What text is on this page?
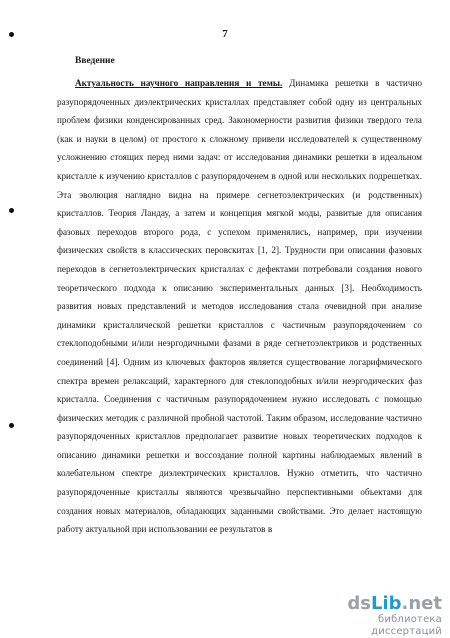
7
Введение
Актуальность научного направления и темы. Динамика решетки в частично
разупорядоченных диэлектрических кристаллах представляет собой одну из центральных
проблем физики конденсированных сред. Закономерности развития физики твердого тела
(как и науки в целом) от простого к сложному привели исследователей к существенному
усложнению стоящих перед ними задач: от исследования динамики решетки в идеальном
кристалле к изучению кристаллов с разупорядоченем в одной или нескольких подрешетках.
Эта эволюция наглядно видна на примере сегнетоэлектрических (и родственных)
кристаллов. Теория Ландау, а затем и концепция мягкой моды, развитые для описания
фазовых переходов второго рода, с успехом применялись, например, при изучении
физических свойств в классических перовскитах [1, 2]. Трудности при описании фазовых
переходов в сегнетоэлектрических кристаллах с дефектами потребовали создания нового
теоретического подхода к описанию экспериментальных данных [3]. Необходимость
развития новых представлений и методов исследования стала очевидной при анализе
динамики кристаллической решетки кристаллов с частичным разупорядочением со
стеклоподобными и/или неэргодичными фазами в ряде сегнетоэлектриков и родственных
соединений [4]. Одним из ключевых факторов является существование логарифмического
спектра времен релаксаций, характерного для стеклоподобных и/или неэргодических фаз
кристалла. Соединения с частичным разупорядочением нужно исследовать с помощью
физических методик с различной пробной частотой. Таким образом, исследование частично
разупорядоченных кристаллов предполагает развитие новых теоретических подходов к
описанию динамики решетки и воссоздание полной картины наблюдаемых явлений в
колебательном спектре диэлектрических кристаллов. Нужно отметить, что частично
разупорядоченные кристаллы являются чрезвычайно перспективными объектами для
создания новых материалов, обладающих заданными свойствами. Это делает настоящую
работу актуальной при использовании ее результатов в
dsLib.net
библиотека диссертаций
